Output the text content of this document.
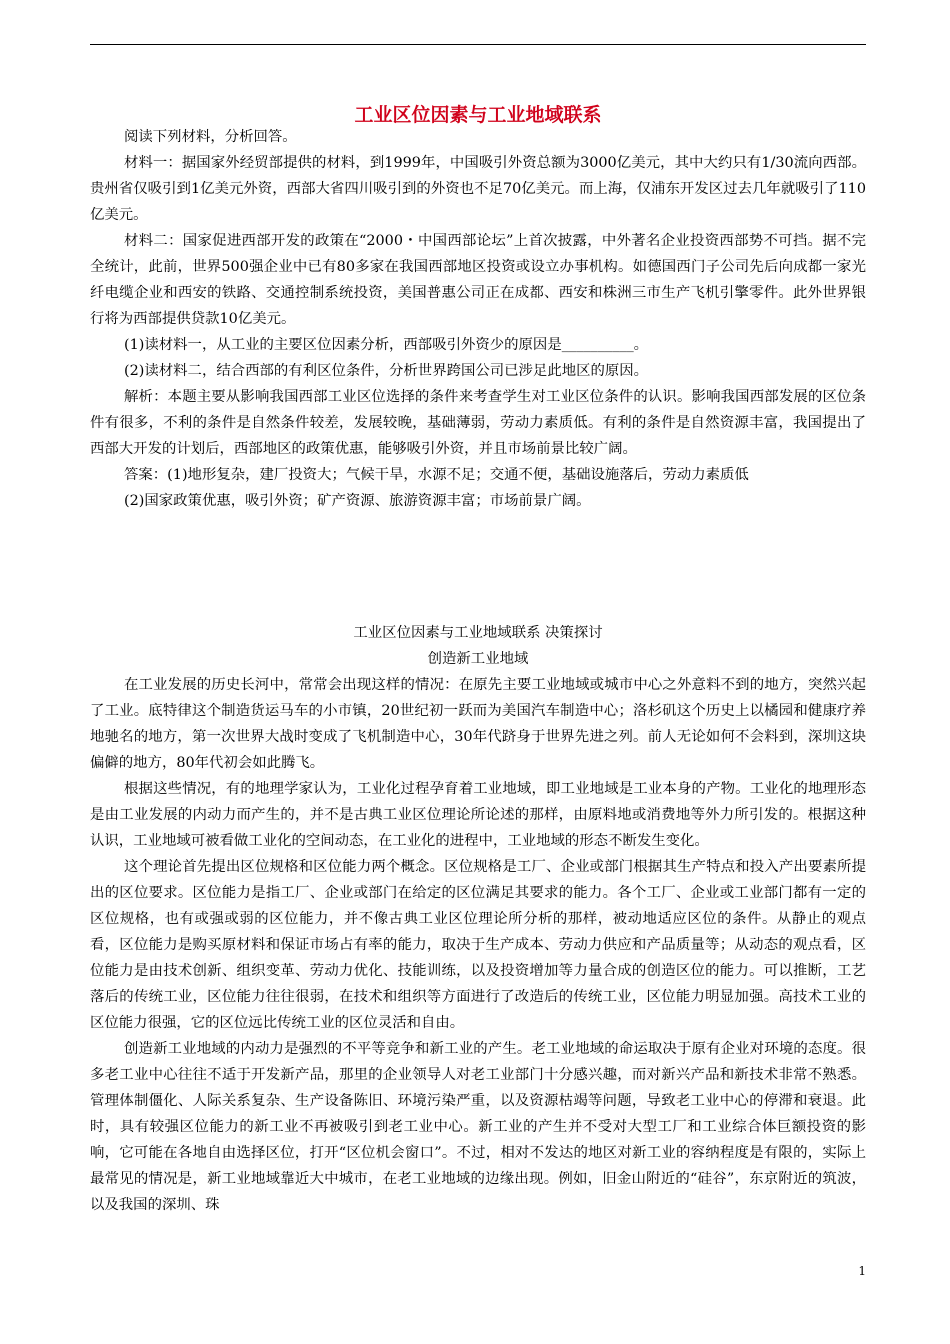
工业区位因素与工业地域联系

阅读下列材料，分析回答。

材料一：据国家外经贸部提供的材料，到1999年，中国吸引外资总额为3000亿美元，其中大约只有1/30流向西部。贵州省仅吸引到1亿美元外资，西部大省四川吸引到的外资也不足70亿美元。而上海，仅浦东开发区过去几年就吸引了110亿美元。

材料二：国家促进西部开发的政策在“2000・中国西部论坛”上首次披露，中外著名企业投资西部势不可挡。据不完全统计，此前，世界500强企业中已有80多家在我国西部地区投资或设立办事机构。如德国西门子公司先后向成都一家光纤电缆企业和西安的铁路、交通控制系统投资，美国普惠公司正在成都、西安和株洲三市生产飞机引擎零件。此外世界银行将为西部提供贷款10亿美元。

(1)读材料一，从工业的主要区位因素分析，西部吸引外资少的原因是__________。

(2)读材料二，结合西部的有利区位条件，分析世界跨国公司已涉足此地区的原因。

解析：本题主要从影响我国西部工业区位选择的条件来考查学生对工业区位条件的认识。影响我国西部发展的区位条件有很多，不利的条件是自然条件较差，发展较晚，基础薄弱，劳动力素质低。有利的条件是自然资源丰富，我国提出了西部大开发的计划后，西部地区的政策优惠，能够吸引外资，并且市场前景比较广阔。

答案：(1)地形复杂，建厂投资大；气候干旱，水源不足；交通不便，基础设施落后，劳动力素质低

(2)国家政策优惠，吸引外资；矿产资源、旅游资源丰富；市场前景广阔。

工业区位因素与工业地域联系 决策探讨

创造新工业地域

在工业发展的历史长河中，常常会出现这样的情况：在原先主要工业地域或城市中心之外意料不到的地方，突然兴起了工业。底特律这个制造货运马车的小市镇，20世纪初一跃而为美国汽车制造中心；洛杉矶这个历史上以橘园和健康疗养地驰名的地方，第一次世界大战时变成了飞机制造中心，30年代跻身于世界先进之列。前人无论如何不会料到，深圳这块偏僻的地方，80年代初会如此腾飞。

根据这些情况，有的地理学家认为，工业化过程孕育着工业地域，即工业地域是工业本身的产物。工业化的地理形态是由工业发展的内动力而产生的，并不是古典工业区位理论所论述的那样，由原料地或消费地等外力所引发的。根据这种认识，工业地域可被看做工业化的空间动态，在工业化的进程中，工业地域的形态不断发生变化。

这个理论首先提出区位规格和区位能力两个概念。区位规格是工厂、企业或部门根据其生产特点和投入产出要素所提出的区位要求。区位能力是指工厂、企业或部门在给定的区位满足其要求的能力。各个工厂、企业或工业部门都有一定的区位规格，也有或强或弱的区位能力，并不像古典工业区位理论所分析的那样，被动地适应区位的条件。从静止的观点看，区位能力是购买原材料和保证市场占有率的能力，取决于生产成本、劳动力供应和产品质量等；从动态的观点看，区位能力是由技术创新、组织变革、劳动力优化、技能训练，以及投资增加等力量合成的创造区位的能力。可以推断，工艺落后的传统工业，区位能力往往很弱，在技术和组织等方面进行了改造后的传统工业，区位能力明显加强。高技术工业的区位能力很强，它的区位远比传统工业的区位灵活和自由。

创造新工业地域的内动力是强烈的不平等竞争和新工业的产生。老工业地域的命运取决于原有企业对环境的态度。很多老工业中心往往不适于开发新产品，那里的企业领导人对老工业部门十分感兴趣，而对新兴产品和新技术非常不熟悉。管理体制僵化、人际关系复杂、生产设备陈旧、环境污染严重，以及资源枯竭等问题，导致老工业中心的停滞和衰退。此时，具有较强区位能力的新工业不再被吸引到老工业中心。新工业的产生并不受对大型工厂和工业综合体巨额投资的影响，它可能在各地自由选择区位，打开“区位机会窗口”。不过，相对不发达的地区对新工业的容纳程度是有限的，实际上最常见的情况是，新工业地域靠近大中城市，在老工业地域的边缘出现。例如，旧金山附近的“硅谷”，东京附近的筑波，以及我国的深圳、珠

1
